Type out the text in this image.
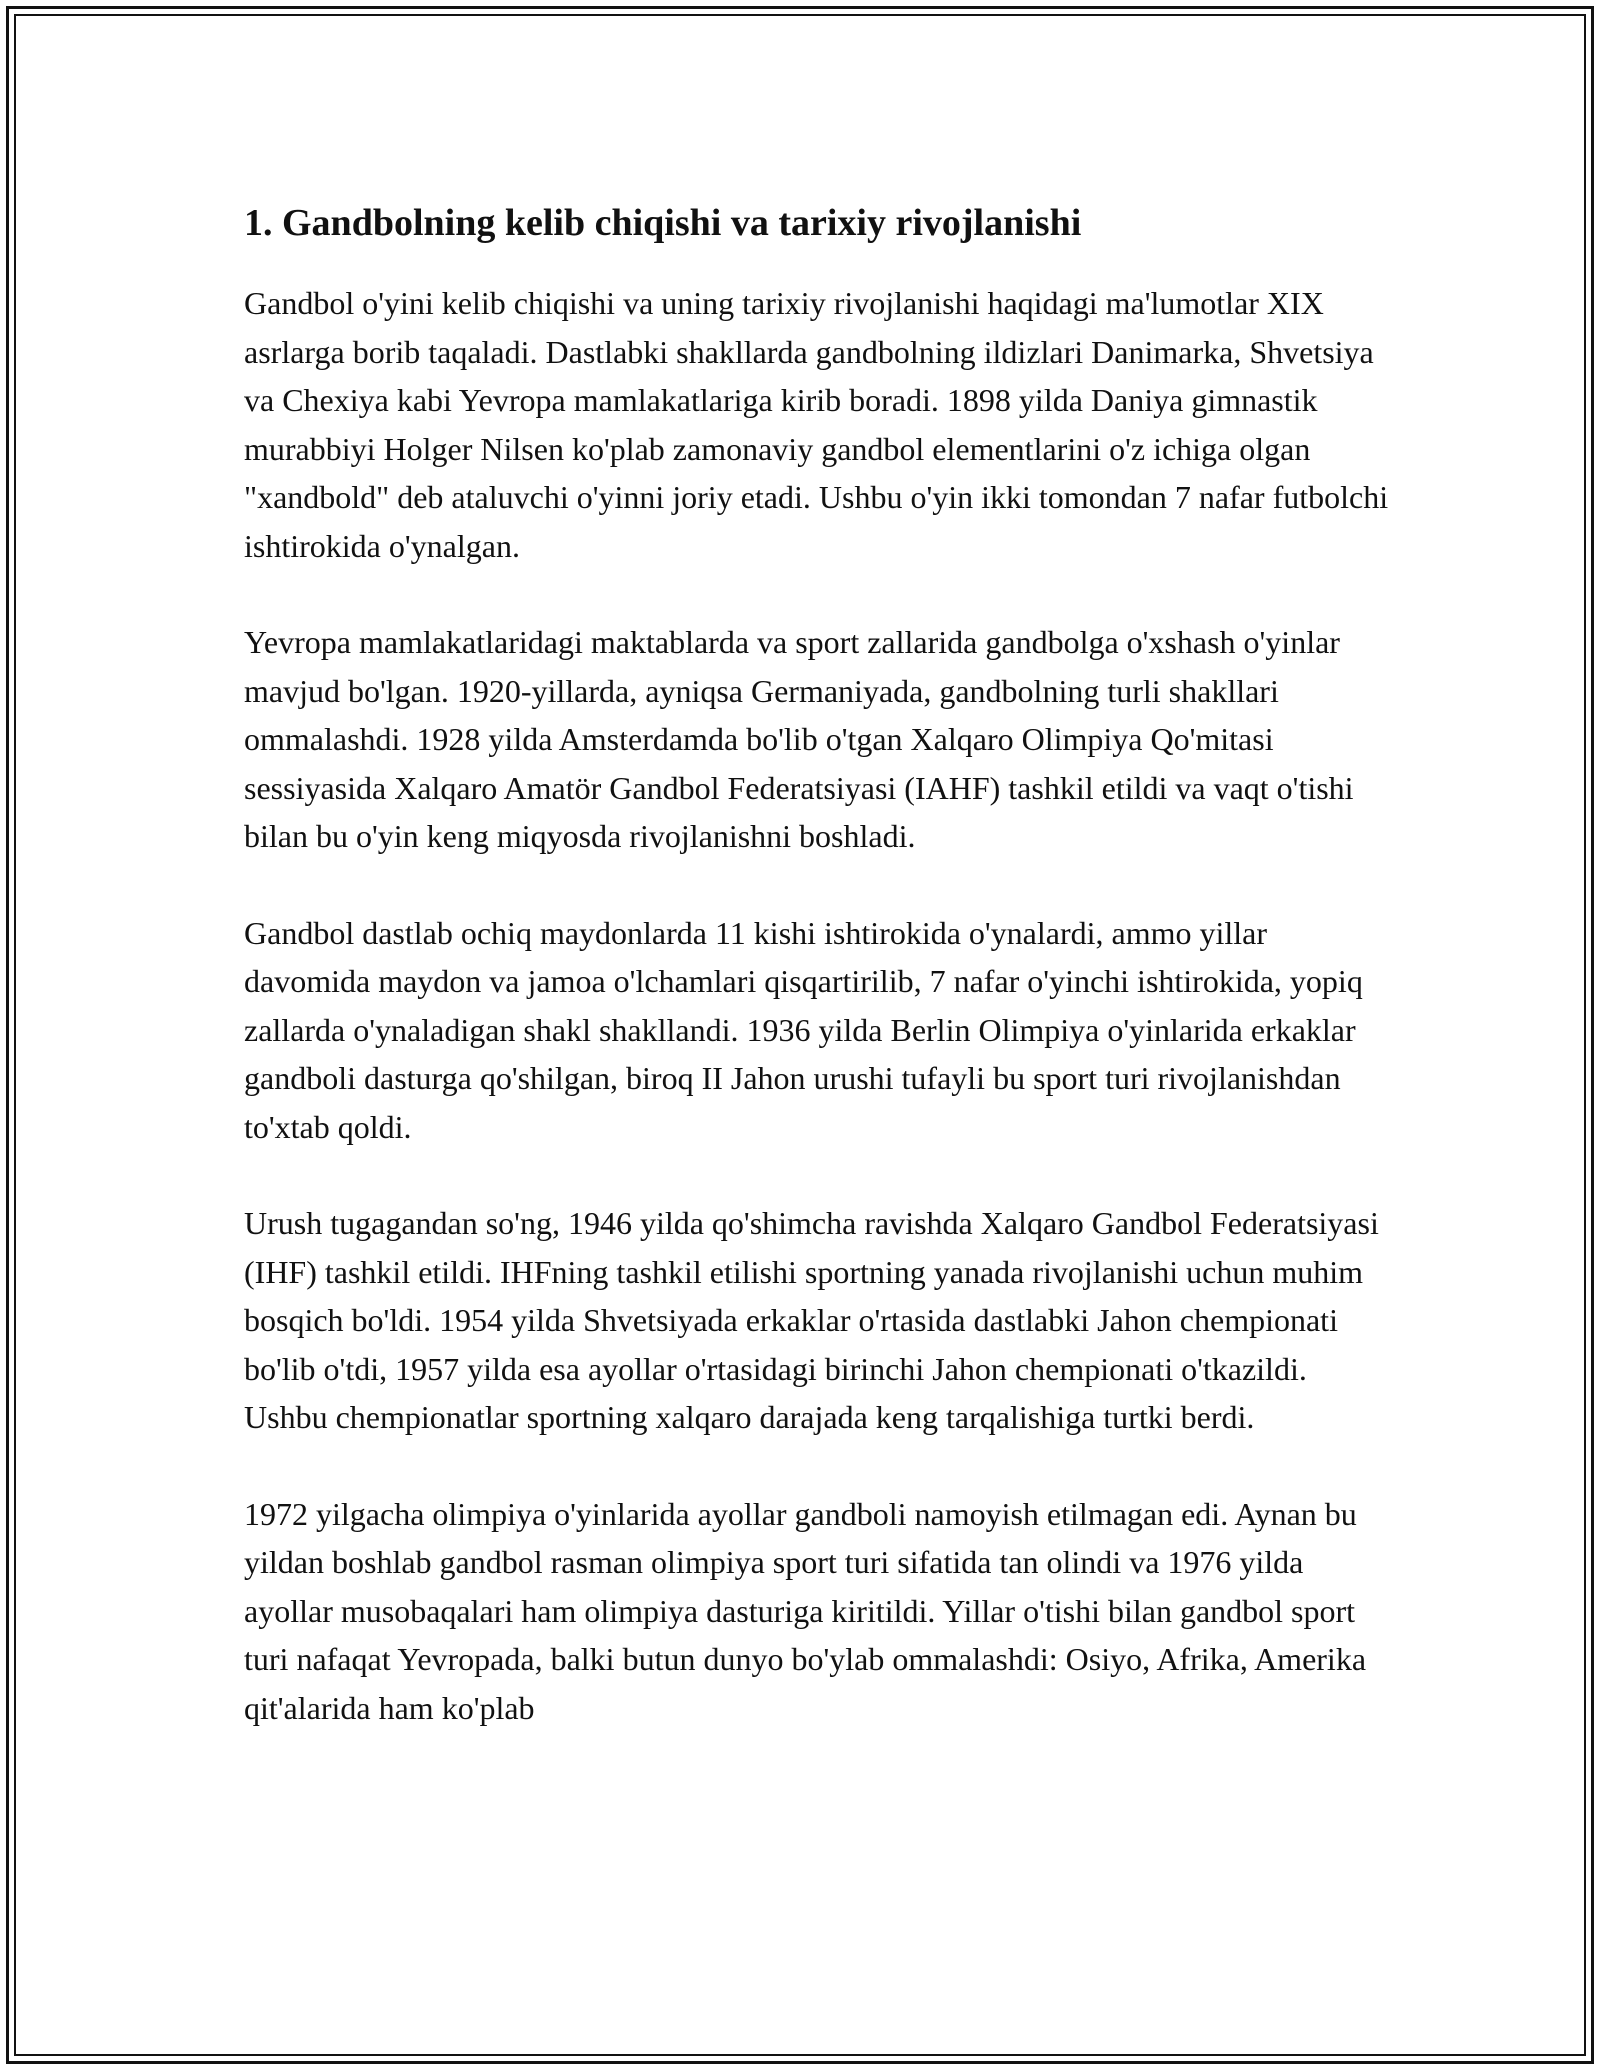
1. Gandbolning kelib chiqishi va tarixiy rivojlanishi

Gandbol o'yini kelib chiqishi va uning tarixiy rivojlanishi haqidagi ma'lumotlar XIX asrlarga borib taqaladi. Dastlabki shakllarda gandbolning ildizlari Danimarka, Shvetsiya va Chexiya kabi Yevropa mamlakatlariga kirib boradi. 1898 yilda Daniya gimnastik murabbiyi Holger Nilsen ko'plab zamonaviy gandbol elementlarini o'z ichiga olgan "xandbold" deb ataluvchi o'yinni joriy etadi. Ushbu o'yin ikki tomondan 7 nafar futbolchi ishtirokida o'ynalgan.

Yevropa mamlakatlaridagi maktablarda va sport zallarida gandbolga o'xshash o'yinlar mavjud bo'lgan. 1920-yillarda, ayniqsa Germaniyada, gandbolning turli shakllari ommalashdi. 1928 yilda Amsterdamda bo'lib o'tgan Xalqaro Olimpiya Qo'mitasi sessiyasida Xalqaro Amatör Gandbol Federatsiyasi (IAHF) tashkil etildi va vaqt o'tishi bilan bu o'yin keng miqyosda rivojlanishni boshladi.

Gandbol dastlab ochiq maydonlarda 11 kishi ishtirokida o'ynalardi, ammo yillar davomida maydon va jamoa o'lchamlari qisqartirilib, 7 nafar o'yinchi ishtirokida, yopiq zallarda o'ynaladigan shakl shakllandi. 1936 yilda Berlin Olimpiya o'yinlarida erkaklar gandboli dasturga qo'shilgan, biroq II Jahon urushi tufayli bu sport turi rivojlanishdan to'xtab qoldi.

Urush tugagandan so'ng, 1946 yilda qo'shimcha ravishda Xalqaro Gandbol Federatsiyasi (IHF) tashkil etildi. IHFning tashkil etilishi sportning yanada rivojlanishi uchun muhim bosqich bo'ldi. 1954 yilda Shvetsiyada erkaklar o'rtasida dastlabki Jahon chempionati bo'lib o'tdi, 1957 yilda esa ayollar o'rtasidagi birinchi Jahon chempionati o'tkazildi. Ushbu chempionatlar sportning xalqaro darajada keng tarqalishiga turtki berdi.

1972 yilgacha olimpiya o'yinlarida ayollar gandboli namoyish etilmagan edi. Aynan bu yildan boshlab gandbol rasman olimpiya sport turi sifatida tan olindi va 1976 yilda ayollar musobaqalari ham olimpiya dasturiga kiritildi. Yillar o'tishi bilan gandbol sport turi nafaqat Yevropada, balki butun dunyo bo'ylab ommalashdi: Osiyo, Afrika, Amerika qit'alarida ham ko'plab
